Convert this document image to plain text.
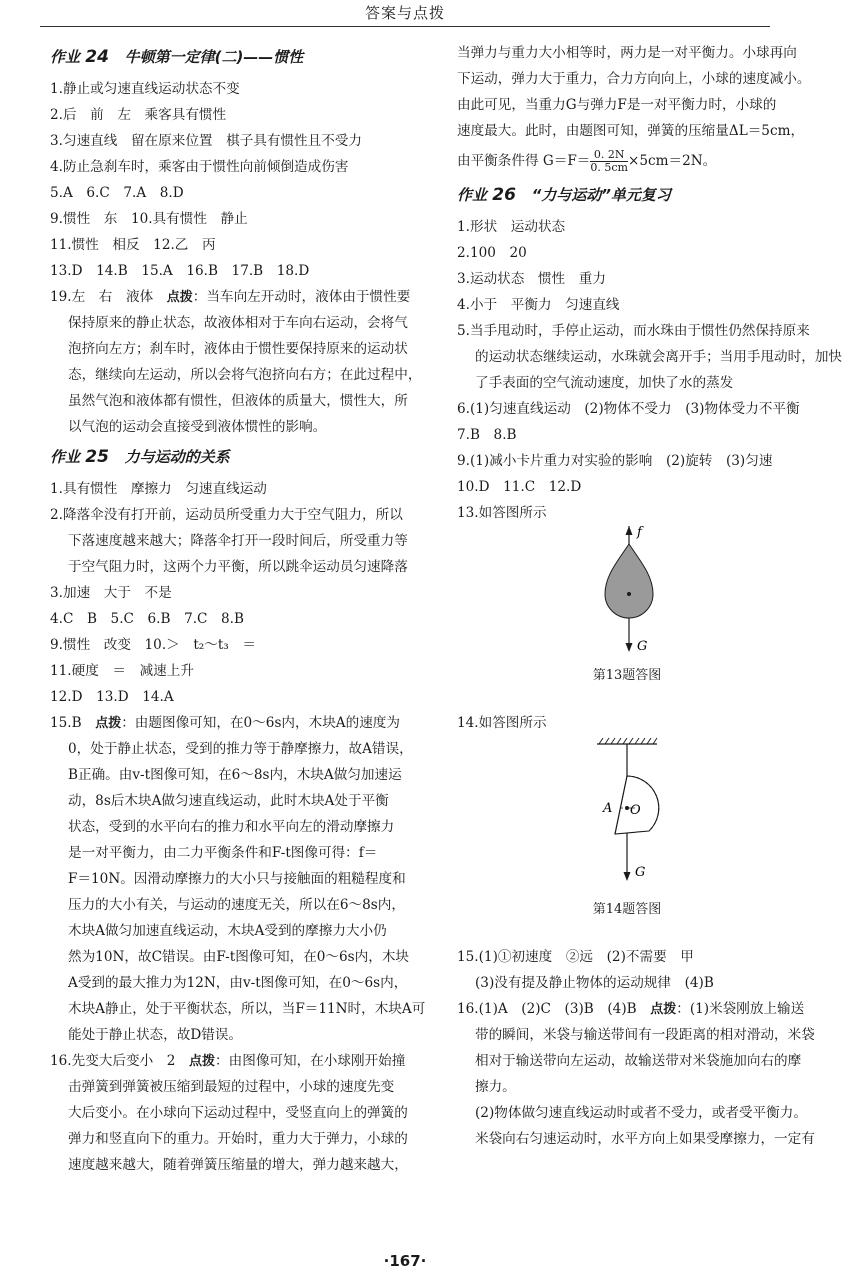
答案与点拨
作业 24 牛顿第一定律(二)——惯性
1.静止或匀速直线运动状态不变
2.后　前　左　乘客具有惯性
3.匀速直线　留在原来位置　棋子具有惯性且不受力
4.防止急刹车时，乘客由于惯性向前倾倒造成伤害
5.A　6.C　7.A　8.D
9.惯性　东　10.具有惯性　静止
11.惯性　相反　12.乙　丙
13.D　14.B　15.A　16.B　17.B　18.D
19.左　右　液体　点拨：当车向左开动时，液体由于惯性要
保持原来的静止状态，故液体相对于车向右运动，会将气
泡挤向左方；刹车时，液体由于惯性要保持原来的运动状
态，继续向左运动，所以会将气泡挤向右方；在此过程中，
虽然气泡和液体都有惯性，但液体的质量大，惯性大，所
以气泡的运动会直接受到液体惯性的影响。
作业 25 力与运动的关系
1.具有惯性　摩擦力　匀速直线运动
2.降落伞没有打开前，运动员所受重力大于空气阻力，所以
下落速度越来越大；降落伞打开一段时间后，所受重力等
于空气阻力时，这两个力平衡，所以跳伞运动员匀速降落
3.加速　大于　不是
4.C　B　5.C　6.B　7.C　8.B
9.惯性　改变　10.＞　t₂～t₃　＝
11.硬度　＝　减速上升
12.D　13.D　14.A
15.B　点拨：由题图像可知，在0～6s内，木块A的速度为
0，处于静止状态，受到的推力等于静摩擦力，故A错误，
B正确。由v-t图像可知，在6～8s内，木块A做匀加速运
动，8s后木块A做匀速直线运动，此时木块A处于平衡
状态，受到的水平向右的推力和水平向左的滑动摩擦力
是一对平衡力，由二力平衡条件和F-t图像可得：f＝
F＝10N。因滑动摩擦力的大小只与接触面的粗糙程度和
压力的大小有关，与运动的速度无关，所以在6～8s内，
木块A做匀加速直线运动，木块A受到的摩擦力大小仍
然为10N，故C错误。由F-t图像可知，在0～6s内，木块
A受到的最大推力为12N，由v-t图像可知，在0～6s内，
木块A静止，处于平衡状态，所以，当F＝11N时，木块A可
能处于静止状态，故D错误。
16.先变大后变小　2　点拨：由图像可知，在小球刚开始撞
击弹簧到弹簧被压缩到最短的过程中，小球的速度先变
大后变小。在小球向下运动过程中，受竖直向上的弹簧的
弹力和竖直向下的重力。开始时，重力大于弹力，小球的
速度越来越大，随着弹簧压缩量的增大，弹力越来越大，
当弹力与重力大小相等时，两力是一对平衡力。小球再向
下运动，弹力大于重力，合力方向向上，小球的速度减小。
由此可见，当重力G与弹力F是一对平衡力时，小球的
速度最大。此时，由题图可知，弹簧的压缩量ΔL＝5cm，
由平衡条件得 $G=F= \frac{0. 2N}{0. 5cm} \times 5cm=2N$。
作业 26 “力与运动”单元复习
1.形状　运动状态
2.100　20
3.运动状态　惯性　重力
4.小于　平衡力　匀速直线
5.当手甩动时，手停止运动，而水珠由于惯性仍然保持原来
的运动状态继续运动，水珠就会离开手；当用手甩动时，加快
了手表面的空气流动速度，加快了水的蒸发
6.(1)匀速直线运动　(2)物体不受力　(3)物体受力不平衡
7.B　8.B
9.(1)减小卡片重力对实验的影响　(2)旋转　(3)匀速
10.D　11.C　12.D
13.如答图所示
f
G
第13题答图
14.如答图所示
A O
G
第14题答图
15.(1)①初速度　②远　(2)不需要　甲
(3)没有提及静止物体的运动规律　(4)B
16.(1)A　(2)C　(3)B　(4)B　点拨：(1)米袋刚放上输送
带的瞬间，米袋与输送带间有一段距离的相对滑动，米袋
相对于输送带向左运动，故输送带对米袋施加向右的摩
擦力。
(2)物体做匀速直线运动时或者不受力，或者受平衡力。
米袋向右匀速运动时，水平方向上如果受摩擦力，一定有
·167·
